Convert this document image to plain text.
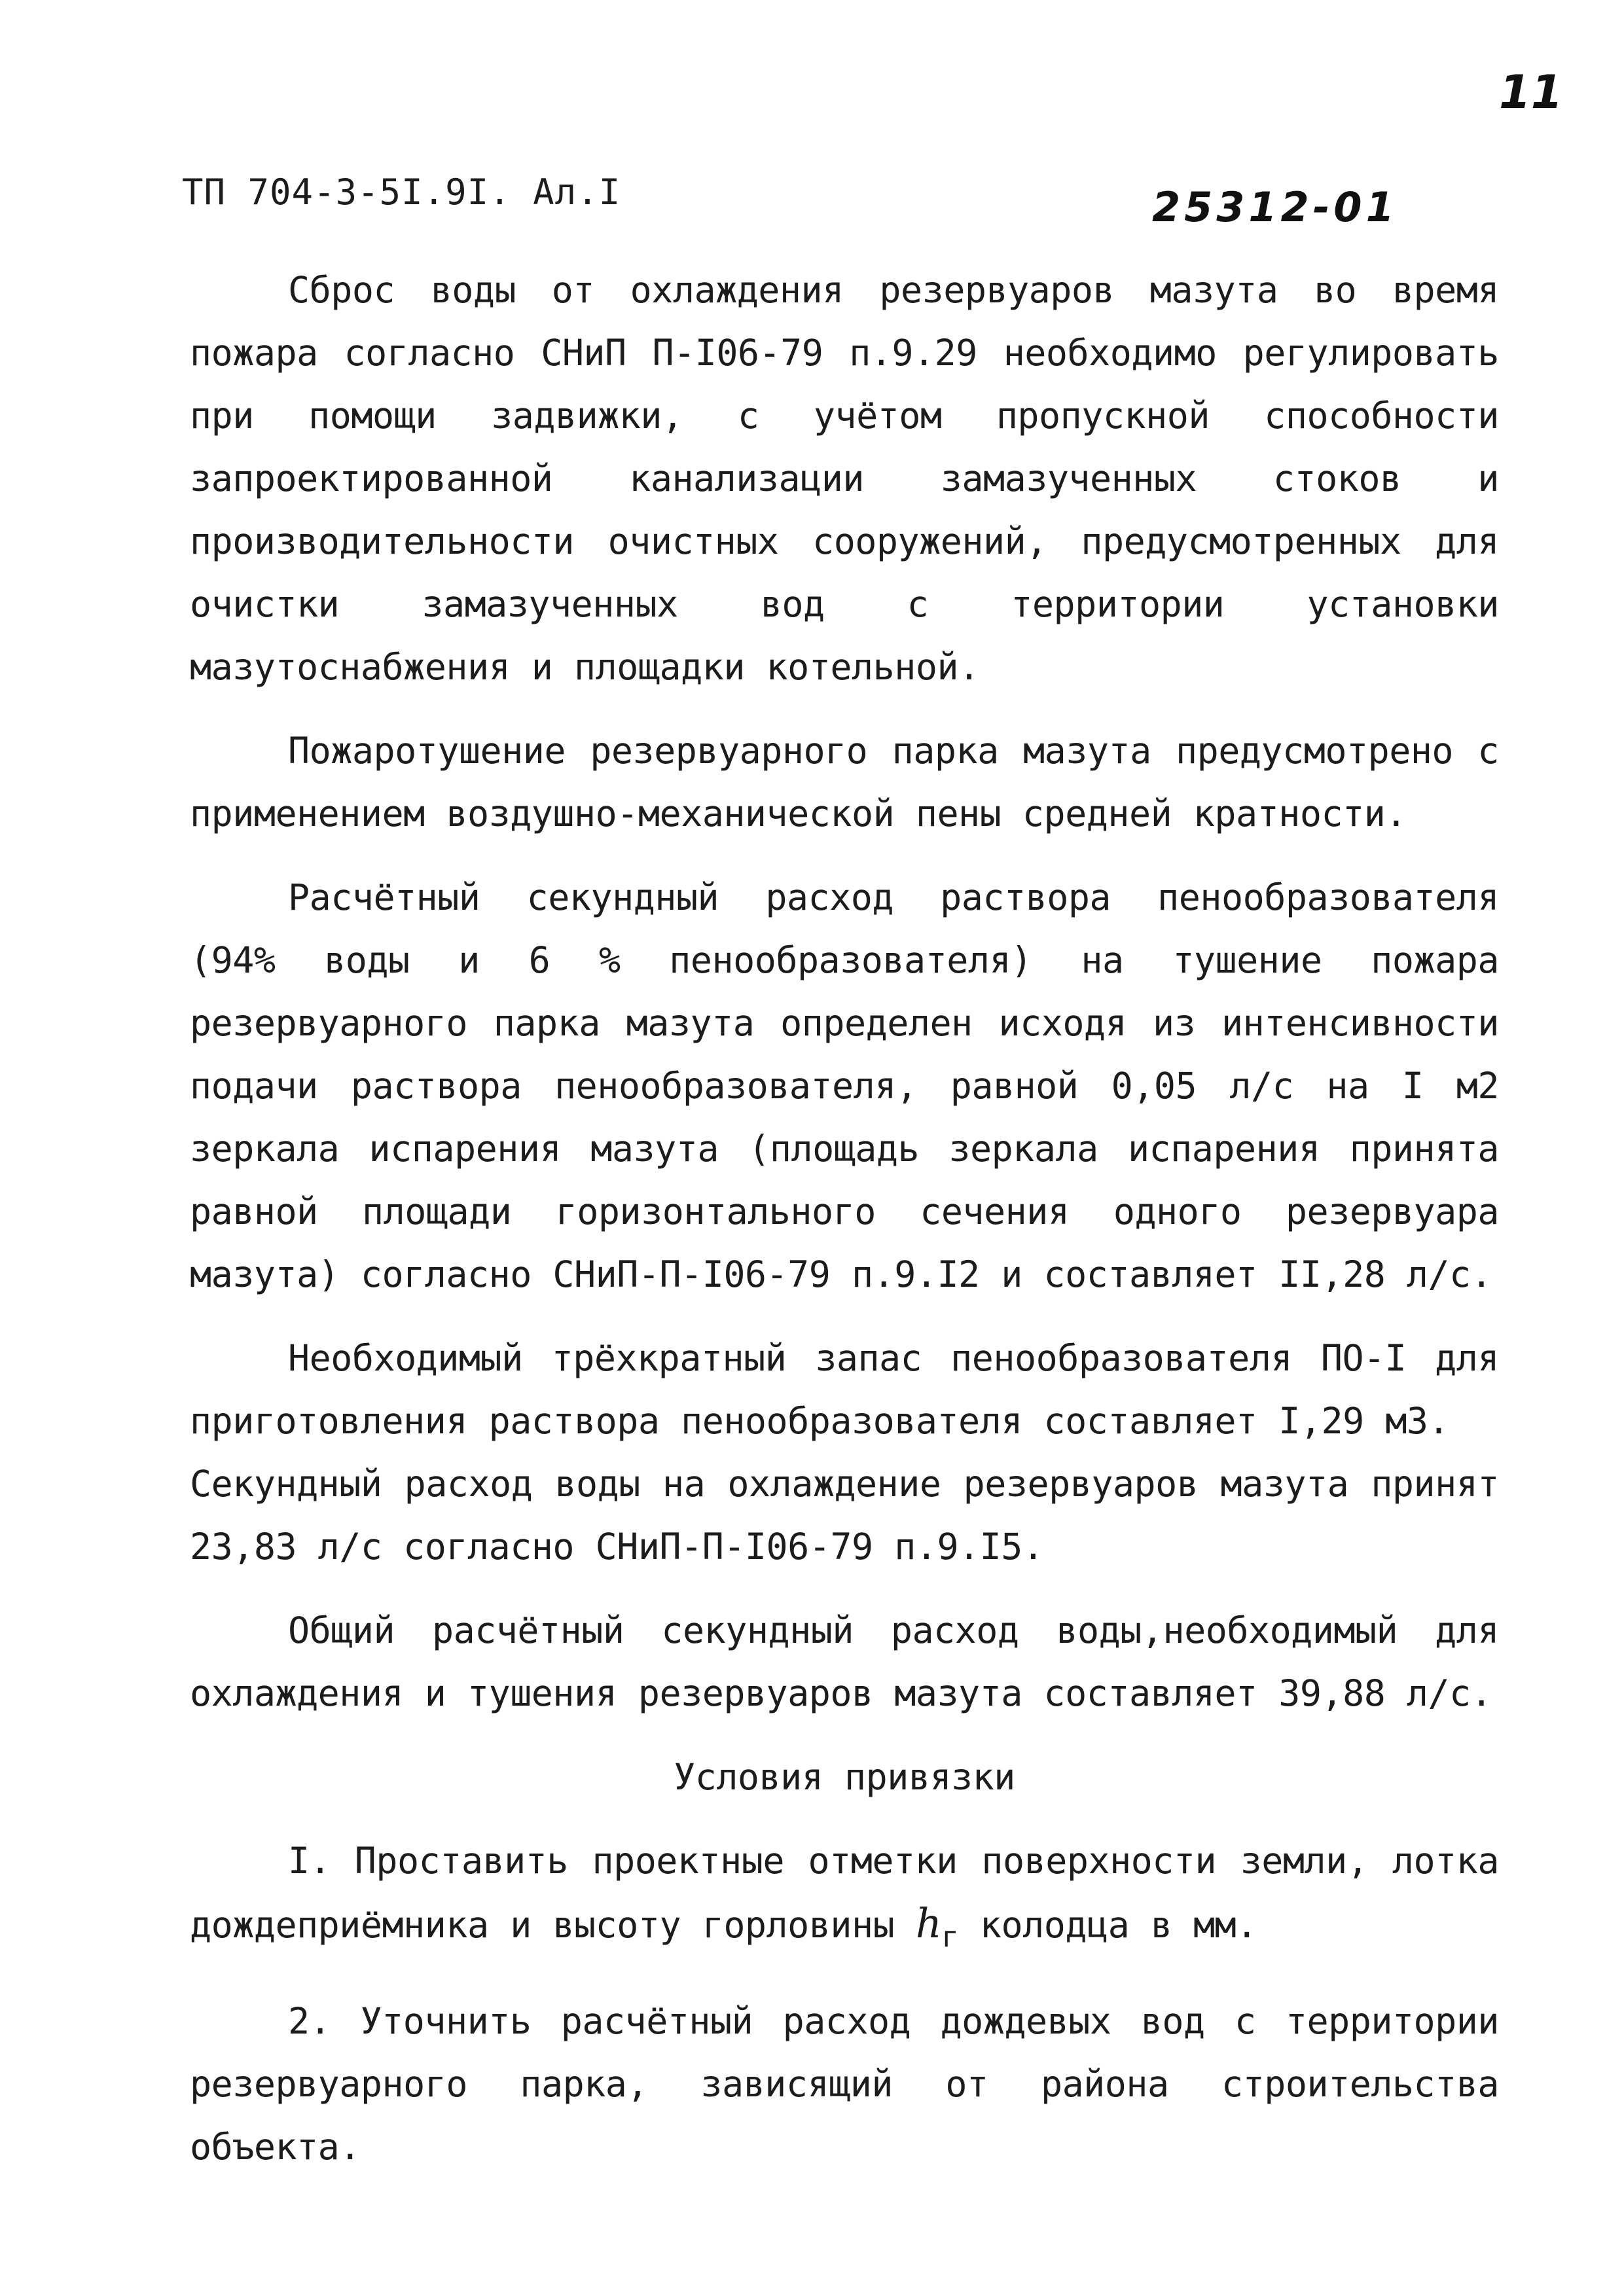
11
25312-01
ТП 704-3-5I.9I. Ал.I

Сброс воды от охлаждения резервуаров мазута во время пожара согласно СНиП П-I06-79 п.9.29 необходимо регулировать при помощи задвижки, с учётом пропускной способности запроектированной канализации замазученных стоков и производительности очистных сооружений, предусмотренных для очистки замазученных вод с территории установки мазутоснабжения и площадки котельной.

Пожаротушение резервуарного парка мазута предусмотрено с применением воздушно-механической пены средней кратности.

Расчётный секундный расход раствора пенообразователя (94% воды и 6 % пенообразователя) на тушение пожара резервуарного парка мазута определен исходя из интенсивности подачи раствора пенообразователя, равной 0,05 л/с на I м2 зеркала испарения мазута (площадь зеркала испарения принята равной площади горизонтального сечения одного резервуара мазута) согласно СНиП-П-I06-79 п.9.I2 и составляет II,28 л/с.

Необходимый трёхкратный запас пенообразователя ПО-I для приготовления раствора пенообразователя составляет I,29 м3.

Секундный расход воды на охлаждение резервуаров мазута принят 23,83 л/с согласно СНиП-П-I06-79 п.9.I5.

Общий расчётный секундный расход воды,необходимый для охлаждения и тушения резервуаров мазута составляет 39,88 л/с.

Условия привязки

I. Проставить проектные отметки поверхности земли, лотка дождеприёмника и высоту горловины $h_г$ колодца в мм.

2. Уточнить расчётный расход дождевых вод с территории резервуарного парка, зависящий от района строительства объекта.
